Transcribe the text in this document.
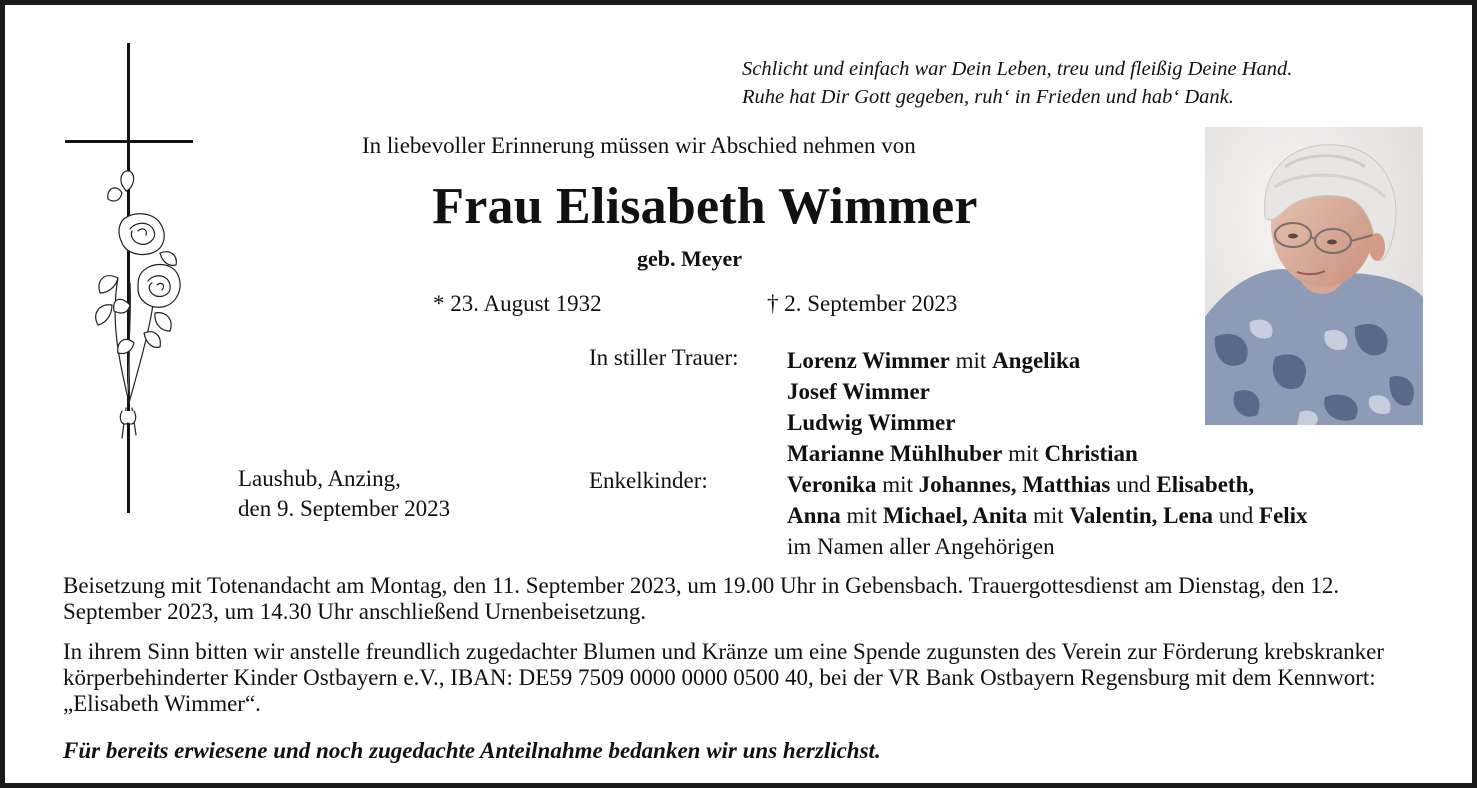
Schlicht und einfach war Dein Leben, treu und fleißig Deine Hand.
Ruhe hat Dir Gott gegeben, ruh‘ in Frieden und hab‘ Dank.
In liebevoller Erinnerung müssen wir Abschied nehmen von
Frau Elisabeth Wimmer
geb. Meyer
* 23. August 1932	† 2. September 2023
In stiller Trauer:
Enkelkinder:
Lorenz Wimmer mit Angelika
Josef Wimmer
Ludwig Wimmer
Marianne Mühlhuber mit Christian
Veronika mit Johannes, Matthias und Elisabeth,
Anna mit Michael, Anita mit Valentin, Lena und Felix
im Namen aller Angehörigen
Laushub, Anzing,
den 9. September 2023
Beisetzung mit Totenandacht am Montag, den 11. September 2023, um 19.00 Uhr in Gebensbach. Trauergottesdienst am Dienstag, den 12. September 2023, um 14.30 Uhr anschließend Urnenbeisetzung.
In ihrem Sinn bitten wir anstelle freundlich zugedachter Blumen und Kränze um eine Spende zugunsten des Verein zur Förderung krebskranker körperbehinderter Kinder Ostbayern e.V., IBAN: DE59 7509 0000 0000 0500 40, bei der VR Bank Ostbayern Regensburg mit dem Kennwort: „Elisabeth Wimmer“.
Für bereits erwiesene und noch zugedachte Anteilnahme bedanken wir uns herzlichst.
